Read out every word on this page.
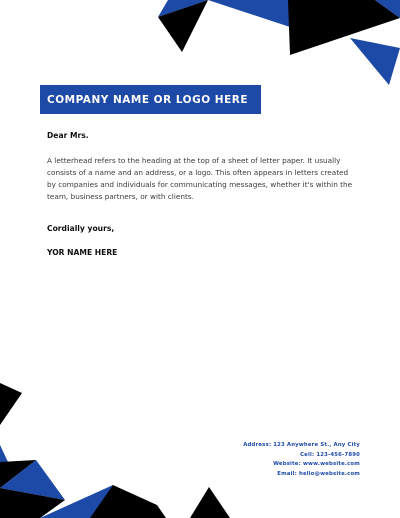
COMPANY NAME OR LOGO HERE
Dear Mrs.

A letterhead refers to the heading at the top of a sheet of letter paper. It usually consists of a name and an address, or a logo. This often appears in letters created by companies and individuals for communicating messages, whether it's within the team, business partners, or with clients.

Cordially yours,
YOR NAME HERE
Address: 123 Anywhere St., Any City
Cell: 123-456-7890
Website: www.website.com
Email: hello@website.com
